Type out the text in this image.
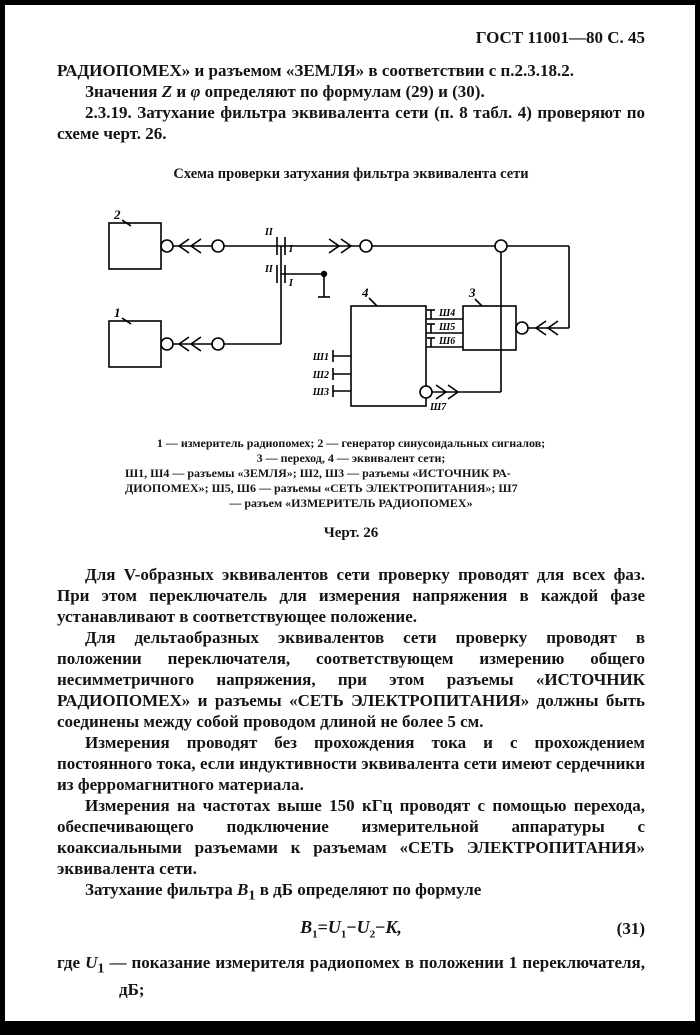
ГОСТ 11001—80 С. 45

РАДИОПОМЕХ» и разъемом «ЗЕМЛЯ» в соответствии с п.2.3.18.2.

Значения Z и φ определяют по формулам (29) и (30).

2.3.19. Затухание фильтра эквивалента сети (п. 8 табл. 4) проверяют по схеме черт. 26.

Схема проверки затухания фильтра эквивалента сети
2
1
4	3
II
I
II
I
Ш4
Ш5
Ш6
Ш1
Ш2
Ш3
Ш7
1 — измеритель радиопомех; 2 — генератор синусоидальных сигналов;
3 — переход, 4 — эквивалент сети;
Ш1, Ш4 — разъемы «ЗЕМЛЯ»; Ш2, Ш3 — разъемы «ИСТОЧНИК РА-
ДИОПОМЕХ»; Ш5, Ш6 — разъемы «СЕТЬ ЭЛЕКТРОПИТАНИЯ»; Ш7
— разъем «ИЗМЕРИТЕЛЬ РАДИОПОМЕХ»
Черт. 26

Для V-образных эквивалентов сети проверку проводят для всех фаз. При этом переключатель для измерения напряжения в каждой фазе устанавливают в соответствующее положение.

Для дельтаобразных эквивалентов сети проверку проводят в положении переключателя, соответствующем измерению общего несимметричного напряжения, при этом разъемы «ИСТОЧНИК РАДИОПОМЕХ» и разъемы «СЕТЬ ЭЛЕКТРОПИТАНИЯ» должны быть соединены между собой проводом длиной не более 5 см.

Измерения проводят без прохождения тока и с прохождением постоянного тока, если индуктивности эквивалента сети имеют сердечники из ферромагнитного материала.

Измерения на частотах выше 150 кГц проводят с помощью перехода, обеспечивающего подключение измерительной аппаратуры с коаксиальными разъемами к разъемам «СЕТЬ ЭЛЕКТРОПИТАНИЯ» эквивалента сети.

Затухание фильтра $B_1$ в дБ определяют по формуле

$B_1=U_1-U_2-K$,	(31)

где $U_1$ — показание измерителя радиопомех в положении 1 переключателя, дБ;
